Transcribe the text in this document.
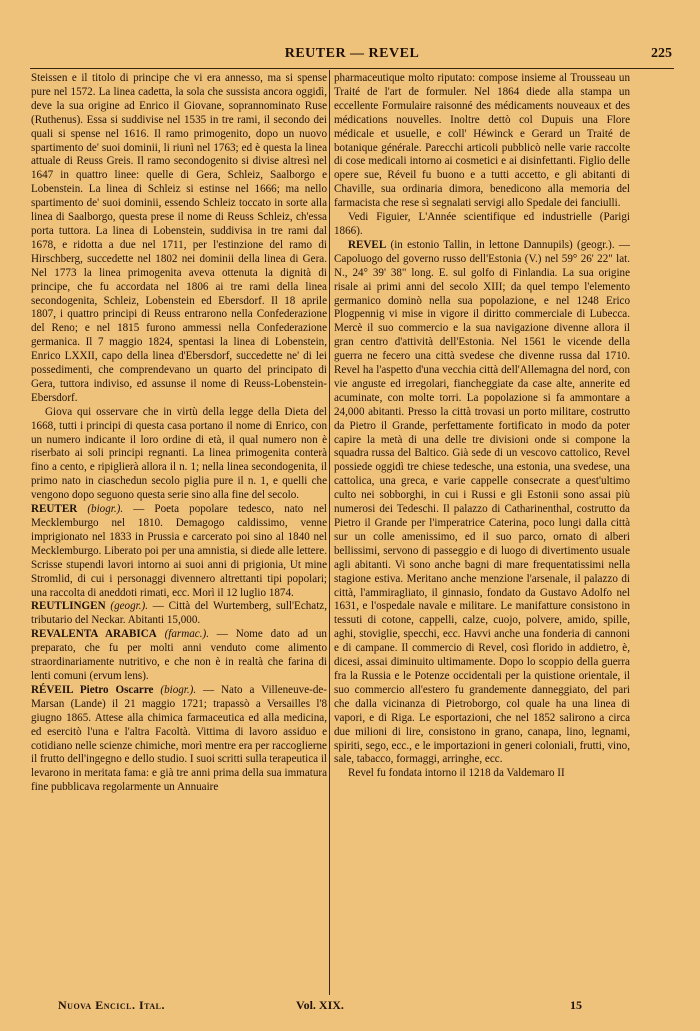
REUTER — REVEL	225

Steissen e il titolo di principe che vi era annesso, ma si spense pure nel 1572. La linea cadetta, la sola che sussista ancora oggidì, deve la sua origine ad Enrico il Giovane, soprannominato Ruse (Ruthenus). Essa si suddivise nel 1535 in tre rami, il secondo dei quali si spense nel 1616. Il ramo primogenito, dopo un nuovo spartimento de' suoi dominii, li riunì nel 1763; ed è questa la linea attuale di Reuss Greis. Il ramo secondogenito si divise altresì nel 1647 in quattro linee: quelle di Gera, Schleiz, Saalborgo e Lobenstein. La linea di Schleiz si estinse nel 1666; ma nello spartimento de' suoi dominii, essendo Schleiz toccato in sorte alla linea di Saalborgo, questa prese il nome di Reuss Schleiz, ch'essa porta tuttora. La linea di Lobenstein, suddivisa in tre rami dal 1678, e ridotta a due nel 1711, per l'estinzione del ramo di Hirschberg, succedette nel 1802 nei dominii della linea di Gera. Nel 1773 la linea primogenita aveva ottenuta la dignità di principe, che fu accordata nel 1806 ai tre rami della linea secondogenita, Schleiz, Lobenstein ed Ebersdorf. Il 18 aprile 1807, i quattro principi di Reuss entrarono nella Confederazione del Reno; e nel 1815 furono ammessi nella Confederazione germanica. Il 7 maggio 1824, spentasi la linea di Lobenstein, Enrico LXXII, capo della linea d'Ebersdorf, succedette ne' di lei possedimenti, che comprendevano un quarto del principato di Gera, tuttora indiviso, ed assunse il nome di Reuss-Lobenstein-Ebersdorf.

Giova qui osservare che in virtù della legge della Dieta del 1668, tutti i principi di questa casa portano il nome di Enrico, con un numero indicante il loro ordine di età, il qual numero non è riserbato ai soli principi regnanti. La linea primogenita conterà fino a cento, e ripiglierà allora il n. 1; nella linea secondogenita, il primo nato in ciaschedun secolo piglia pure il n. 1, e quelli che vengono dopo seguono questa serie sino alla fine del secolo.

REUTER (biogr.). — Poeta popolare tedesco, nato nel Mecklemburgo nel 1810. Demagogo caldissimo, venne imprigionato nel 1833 in Prussia e carcerato poi sino al 1840 nel Mecklemburgo. Liberato poi per una amnistia, si diede alle lettere. Scrisse stupendi lavori intorno ai suoi anni di prigionia, Ut mine Stromlid, di cui i personaggi divennero altrettanti tipi popolari; una raccolta di aneddoti rimati, ecc. Morì il 12 luglio 1874.

REUTLINGEN (geogr.). — Città del Wurtemberg, sull'Echatz, tributario del Neckar. Abitanti 15,000.

REVALENTA ARABICA (farmac.). — Nome dato ad un preparato, che fu per molti anni venduto come alimento straordinariamente nutritivo, e che non è in realtà che farina di lenti comuni (ervum lens).

RÉVEIL Pietro Oscarre (biogr.). — Nato a Villeneuve-de-Marsan (Lande) il 21 maggio 1721; trapassò a Versailles l'8 giugno 1865. Attese alla chimica farmaceutica ed alla medicina, ed esercitò l'una e l'altra Facoltà. Vittima di lavoro assiduo e cotidiano nelle scienze chimiche, morì mentre era per raccoglierne il frutto dell'ingegno e dello studio. I suoi scritti sulla terapeutica il levarono in meritata fama: e già tre anni prima della sua immatura fine pubblicava regolarmente un Annuaire

pharmaceutique molto riputato: compose insieme al Trousseau un Traité de l'art de formuler. Nel 1864 diede alla stampa un eccellente Formulaire raisonné des médicaments nouveaux et des médications nouvelles. Inoltre dettò col Dupuis una Flore médicale et usuelle, e coll' Héwinck e Gerard un Traité de botanique générale. Parecchi articoli pubblicò nelle varie raccolte di cose medicali intorno ai cosmetici e ai disinfettanti. Figlio delle opere sue, Réveil fu buono e a tutti accetto, e gli abitanti di Chaville, sua ordinaria dimora, benedicono alla memoria del farmacista che rese sì segnalati servigi allo Spedale dei fanciulli.

Vedi Figuier, L'Année scientifique ed industrielle (Parigi 1866).

REVEL (in estonio Tallin, in lettone Dannupils) (geogr.). — Capoluogo del governo russo dell'Estonia (V.) nel 59° 26' 22" lat. N., 24° 39' 38" long. E. sul golfo di Finlandia. La sua origine risale ai primi anni del secolo XIII; da quel tempo l'elemento germanico dominò nella sua popolazione, e nel 1248 Erico Plogpennig vi mise in vigore il diritto commerciale di Lubecca. Mercè il suo commercio e la sua navigazione divenne allora il gran centro d'attività dell'Estonia. Nel 1561 le vicende della guerra ne fecero una città svedese che divenne russa dal 1710. Revel ha l'aspetto d'una vecchia città dell'Allemagna del nord, con vie anguste ed irregolari, fiancheggiate da case alte, annerite ed acuminate, con molte torri. La popolazione si fa ammontare a 24,000 abitanti. Presso la città trovasi un porto militare, costrutto da Pietro il Grande, perfettamente fortificato in modo da poter capire la metà di una delle tre divisioni onde si compone la squadra russa del Baltico. Già sede di un vescovo cattolico, Revel possiede oggidì tre chiese tedesche, una estonia, una svedese, una cattolica, una greca, e varie cappelle consecrate a quest'ultimo culto nei sobborghi, in cui i Russi e gli Estonii sono assai più numerosi dei Tedeschi. Il palazzo di Catharinenthal, costrutto da Pietro il Grande per l'imperatrice Caterina, poco lungi dalla città sur un colle amenissimo, ed il suo parco, ornato di alberi bellissimi, servono di passeggio e di luogo di divertimento usuale agli abitanti. Vi sono anche bagni di mare frequentatissimi nella stagione estiva. Meritano anche menzione l'arsenale, il palazzo di città, l'ammiragliato, il ginnasio, fondato da Gustavo Adolfo nel 1631, e l'ospedale navale e militare. Le manifatture consistono in tessuti di cotone, cappelli, calze, cuojo, polvere, amido, spille, aghi, stoviglie, specchi, ecc. Havvi anche una fonderia di cannoni e di campane. Il commercio di Revel, così florido in addietro, è, dicesi, assai diminuito ultimamente. Dopo lo scoppio della guerra fra la Russia e le Potenze occidentali per la quistione orientale, il suo commercio all'estero fu grandemente danneggiato, del pari che dalla vicinanza di Pietroborgo, col quale ha una linea di vapori, e di Riga. Le esportazioni, che nel 1852 salirono a circa due milioni di lire, consistono in grano, canapa, lino, legnami, spiriti, sego, ecc., e le importazioni in generi coloniali, frutti, vino, sale, tabacco, formaggi, arringhe, ecc.

Revel fu fondata intorno il 1218 da Valdemaro II

Nuova Encicl. Ital.	Vol. XIX.	15
